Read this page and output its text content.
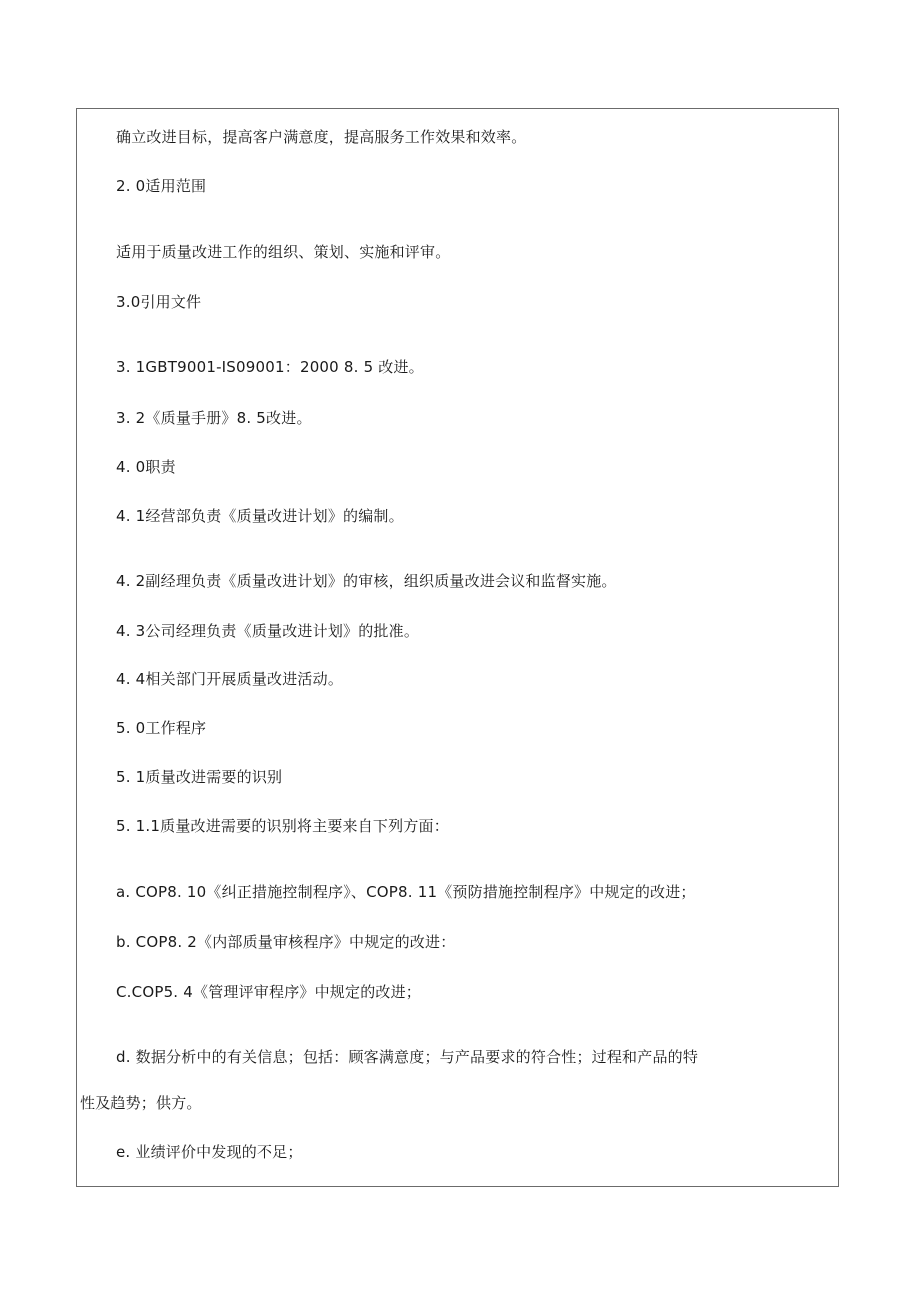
确立改进目标，提高客户满意度，提高服务工作效果和效率。
2. 0适用范围
适用于质量改进工作的组织、策划、实施和评审。
3.0引用文件
3. 1GBT9001-IS09001：2000 8. 5 改进。
3. 2《质量手册》8. 5改进。
4. 0职责
4. 1经营部负责《质量改进计划》的编制。
4. 2副经理负责《质量改进计划》的审核，组织质量改进会议和监督实施。
4. 3公司经理负责《质量改进计划》的批准。
4. 4相关部门开展质量改进活动。
5. 0工作程序
5. 1质量改进需要的识别
5. 1.1质量改进需要的识别将主要来自下列方面：
a. COP8. 10《纠正措施控制程序》、COP8. 11《预防措施控制程序》中规定的改进；
b. COP8. 2《内部质量审核程序》中规定的改进：
C.COP5. 4《管理评审程序》中规定的改进；
d. 数据分析中的有关信息；包括：顾客满意度；与产品要求的符合性；过程和产品的特
性及趋势；供方。
e. 业绩评价中发现的不足；
